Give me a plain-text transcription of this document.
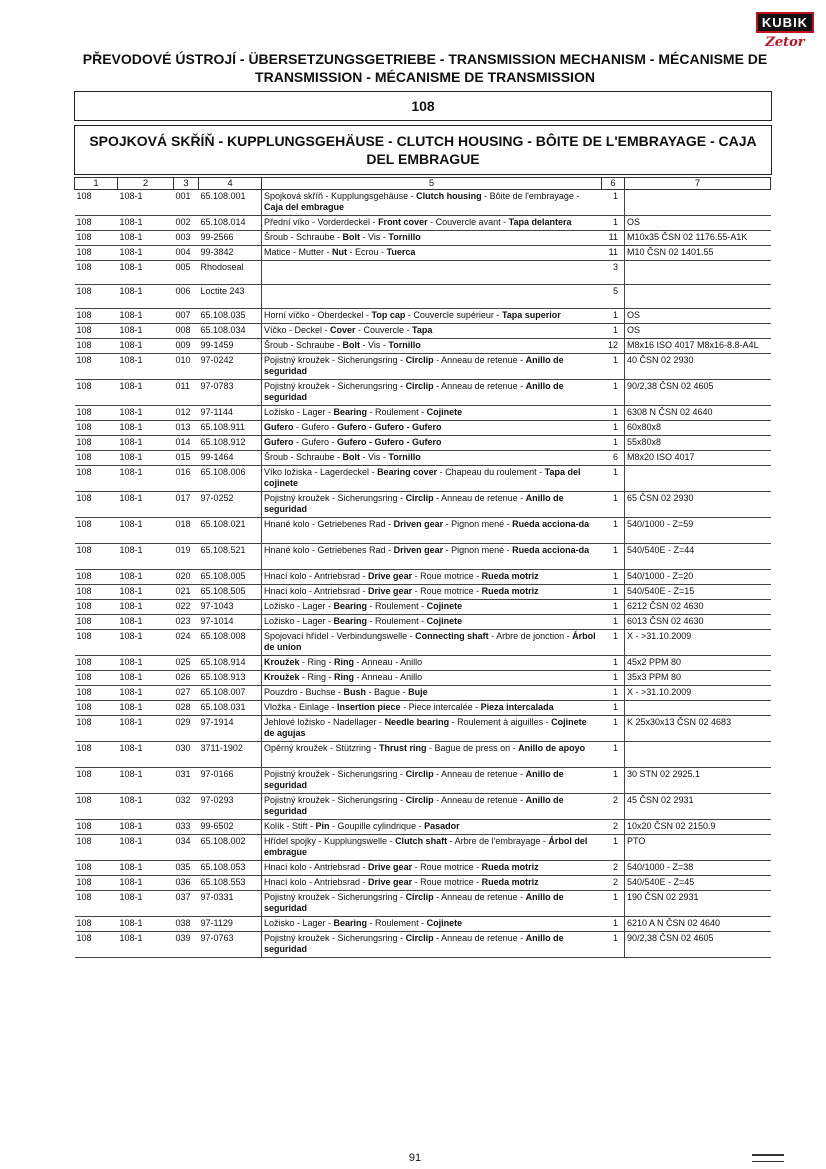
KUBIK
Zetor
PŘEVODOVÉ ÚSTROJÍ - ÜBERSETZUNGSGETRIEBE - TRANSMISSION MECHANISM - MÉCANISME DE TRANSMISSION - MÉCANISME DE TRANSMISSION
108
SPOJKOVÁ SKŘÍŇ - KUPPLUNGSGEHÄUSE - CLUTCH HOUSING - BÔITE DE L'EMBRAYAGE - CAJA DEL EMBRAGUE
1	2	3	4	5	6	7
108	108-1	001	65.108.001	Spojková skříň - Kupplungsgehäuse - Clutch housing - Bôite de l'embrayage - Caja del embrague	1	
108	108-1	002	65.108.014	Přední víko - Vorderdeckel - Front cover - Couvercle avant - Tapa delantera	1	OS
108	108-1	003	99-2566	Šroub - Schraube - Bolt - Vis - Tornillo	11	M10x35 ČSN 02 1176.55-A1K
108	108-1	004	99-3842	Matice - Mutter - Nut - Ecrou - Tuerca	11	M10 ČSN 02 1401.55
108	108-1	005	Rhodoseal		3	
108	108-1	006	Loctite 243		5	
108	108-1	007	65.108.035	Horní víčko - Oberdeckel - Top cap - Couvercle supérieur - Tapa superior	1	OS
108	108-1	008	65.108.034	Víčko - Deckel - Cover - Couvercle - Tapa	1	OS
108	108-1	009	99-1459	Šroub - Schraube - Bolt - Vis - Tornillo	12	M8x16 ISO 4017 M8x16-8.8-A4L
108	108-1	010	97-0242	Pojistný kroužek - Sicherungsring - Circlip - Anneau de retenue - Anillo de seguridad	1	40 ČSN 02 2930
108	108-1	011	97-0783	Pojistný kroužek - Sicherungsring - Circlip - Anneau de retenue - Anillo de seguridad	1	90/2,38 ČSN 02 4605
108	108-1	012	97-1144	Ložisko - Lager - Bearing - Roulement - Cojinete	1	6308 N ČSN 02 4640
108	108-1	013	65.108.911	Gufero - Gufero - Gufero - Gufero - Gufero	1	60x80x8
108	108-1	014	65.108.912	Gufero - Gufero - Gufero - Gufero - Gufero	1	55x80x8
108	108-1	015	99-1464	Šroub - Schraube - Bolt - Vis - Tornillo	6	M8x20 ISO 4017
108	108-1	016	65.108.006	Víko ložiska - Lagerdeckel - Bearing cover - Chapeau du roulement - Tapa del cojinete	1	
108	108-1	017	97-0252	Pojistný kroužek - Sicherungsring - Circlip - Anneau de retenue - Anillo de seguridad	1	65 ČSN 02 2930
108	108-1	018	65.108.021	Hnané kolo - Getriebenes Rad - Driven gear - Pignon mené - Rueda acciona-da	1	540/1000 - Z=59
108	108-1	019	65.108.521	Hnané kolo - Getriebenes Rad - Driven gear - Pignon mené - Rueda acciona-da	1	540/540E - Z=44
108	108-1	020	65.108.005	Hnací kolo - Antriebsrad - Drive gear - Roue motrice - Rueda motriz	1	540/1000 - Z=20
108	108-1	021	65.108.505	Hnací kolo - Antriebsrad - Drive gear - Roue motrice - Rueda motriz	1	540/540E - Z=15
108	108-1	022	97-1043	Ložisko - Lager - Bearing - Roulement - Cojinete	1	6212 ČSN 02 4630
108	108-1	023	97-1014	Ložisko - Lager - Bearing - Roulement - Cojinete	1	6013 ČSN 02 4630
108	108-1	024	65.108.008	Spojovací hřídel - Verbindungswelle - Connecting shaft - Arbre de jonction - Árbol de union	1	X - >31.10.2009
108	108-1	025	65.108.914	Kroužek - Ring - Ring - Anneau - Anillo	1	45x2 PPM 80
108	108-1	026	65.108.913	Kroužek - Ring - Ring - Anneau - Anillo	1	35x3 PPM 80
108	108-1	027	65.108.007	Pouzdro - Buchse - Bush - Bague - Buje	1	X - >31.10.2009
108	108-1	028	65.108.031	Vložka - Einlage - Insertion piece - Piece intercalée - Pieza intercalada	1	
108	108-1	029	97-1914	Jehlové ložisko - Nadellager - Needle bearing - Roulement à aiguilles - Cojinete de agujas	1	K 25x30x13 ČSN 02 4683
108	108-1	030	3711-1902	Opěrný kroužek - Stützring - Thrust ring - Bague de press on - Anillo de apoyo	1	
108	108-1	031	97-0166	Pojistný kroužek - Sicherungsring - Circlip - Anneau de retenue - Anillo de seguridad	1	30 STN 02 2925.1
108	108-1	032	97-0293	Pojistný kroužek - Sicherungsring - Circlip - Anneau de retenue - Anillo de seguridad	2	45 ČSN 02 2931
108	108-1	033	99-6502	Kolík - Stift - Pin - Goupille cylindrique - Pasador	2	10x20 ČSN 02 2150.9
108	108-1	034	65.108.002	Hřídel spojky - Kupplungswelle - Clutch shaft - Arbre de l'embrayage - Árbol del embrague	1	PTO
108	108-1	035	65.108.053	Hnací kolo - Antriebsrad - Drive gear - Roue motrice - Rueda motriz	2	540/1000 - Z=38
108	108-1	036	65.108.553	Hnací kolo - Antriebsrad - Drive gear - Roue motrice - Rueda motriz	2	540/540E - Z=45
108	108-1	037	97-0331	Pojistný kroužek - Sicherungsring - Circlip - Anneau de retenue - Anillo de seguridad	1	190 ČSN 02 2931
108	108-1	038	97-1129	Ložisko - Lager - Bearing - Roulement - Cojinete	1	6210 A N ČSN 02 4640
108	108-1	039	97-0763	Pojistný kroužek - Sicherungsring - Circlip - Anneau de retenue - Anillo de seguridad	1	90/2,38 ČSN 02 4605
91
